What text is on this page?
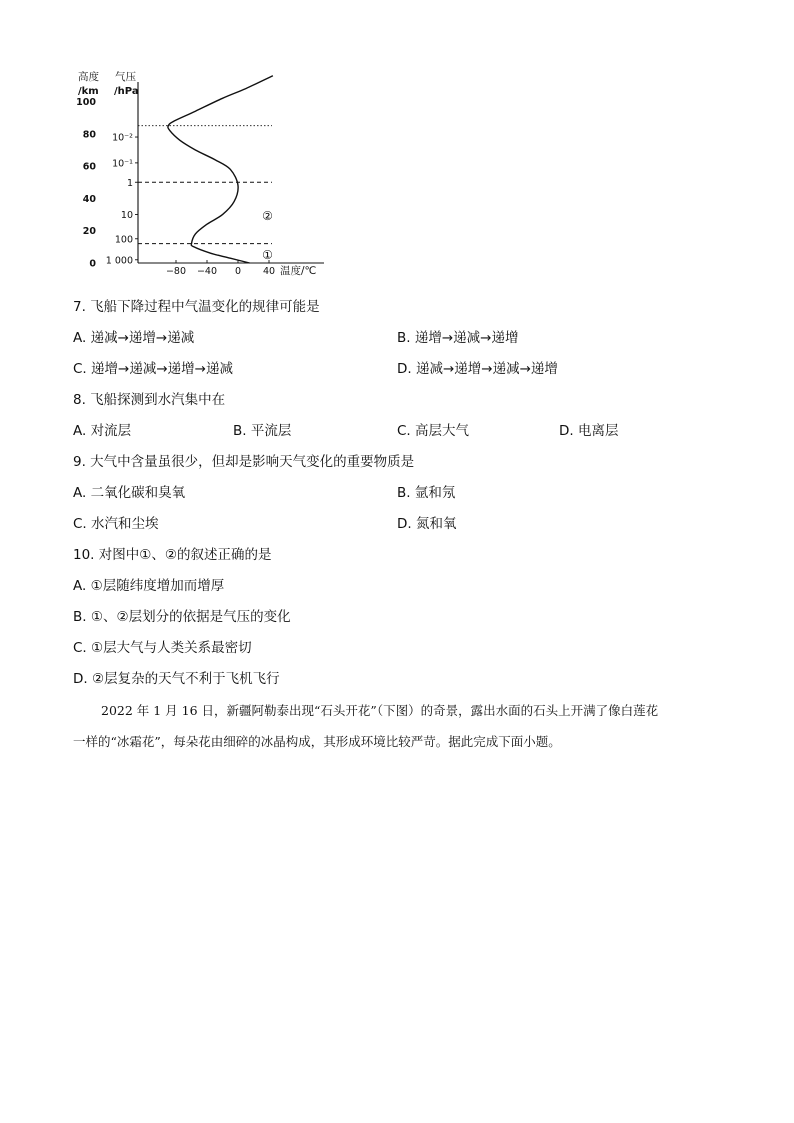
100
80
60
40
20
0
10⁻²
10⁻¹
1
10
100
1 000
−80 −40 0 40
高度
/km
气压
/hPa
温度/℃
①
②
7. 飞船下降过程中气温变化的规律可能是
A. 递减→递增→递减	B. 递增→递减→递增
C. 递增→递减→递增→递减	D. 递减→递增→递减→递增
8. 飞船探测到水汽集中在
A. 对流层	B. 平流层	C. 高层大气	D. 电离层
9. 大气中含量虽很少，但却是影响天气变化的重要物质是
A. 二氧化碳和臭氧	B. 氩和氖
C. 水汽和尘埃	D. 氮和氧
10. 对图中①、②的叙述正确的是
A. ①层随纬度增加而增厚
B. ①、②层划分的依据是气压的变化
C. ①层大气与人类关系最密切
D. ②层复杂的天气不利于飞机飞行
2022 年 1 月 16 日，新疆阿勒泰出现“石头开花”（下图）的奇景，露出水面的石头上开满了像白莲花
一样的“冰霜花”，每朵花由细碎的冰晶构成，其形成环境比较严苛。据此完成下面小题。
